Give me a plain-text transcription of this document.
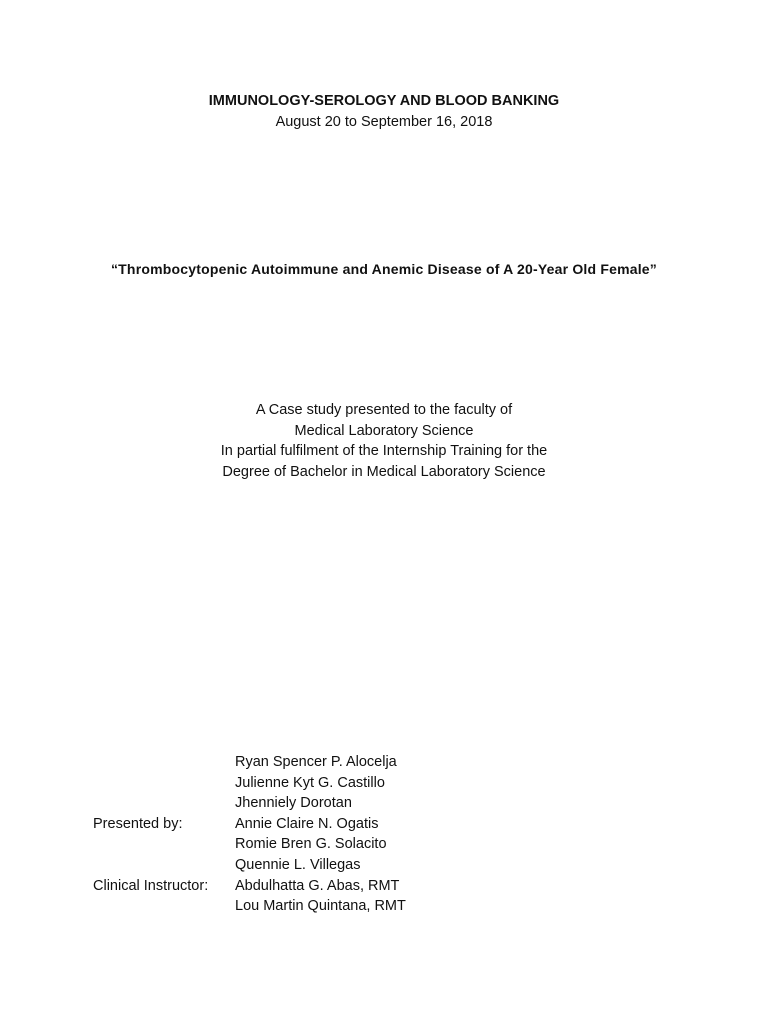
IMMUNOLOGY-SEROLOGY AND BLOOD BANKING
August 20 to September 16, 2018
“Thrombocytopenic Autoimmune and Anemic Disease of A 20-Year Old Female”
A Case study presented to the faculty of
Medical Laboratory Science
In partial fulfilment of the Internship Training for the
Degree of Bachelor in Medical Laboratory Science
Ryan Spencer P. Alocelja
Julienne Kyt G. Castillo
Jhenniely Dorotan
Presented by:	Annie Claire N. Ogatis
Romie Bren G. Solacito
Quennie L. Villegas
Clinical Instructor:	Abdulhatta G. Abas, RMT
Lou Martin Quintana, RMT
